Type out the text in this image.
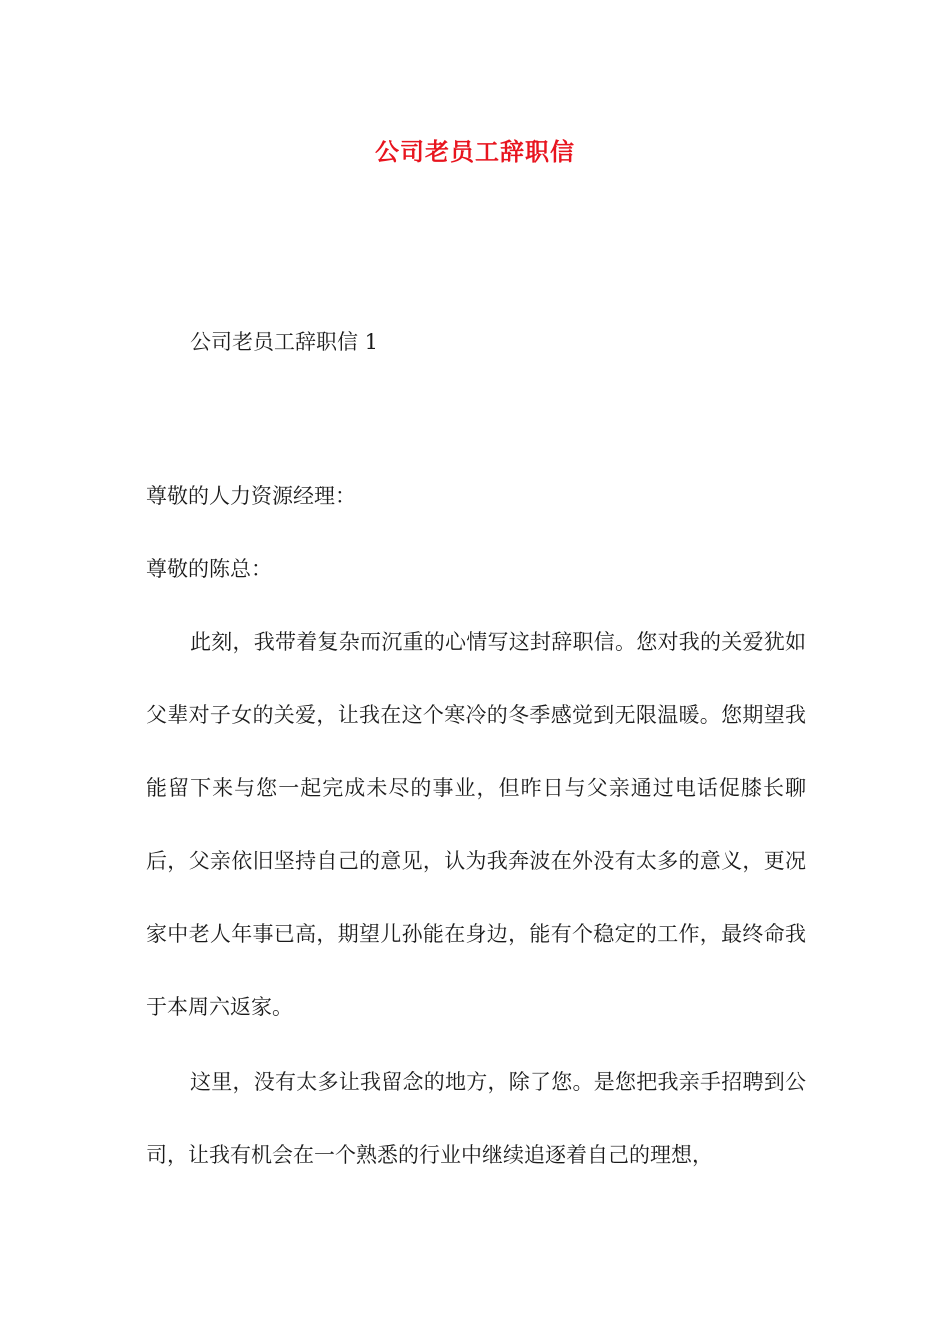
公司老员工辞职信

公司老员工辞职信 1

尊敬的人力资源经理：

尊敬的陈总：

此刻，我带着复杂而沉重的心情写这封辞职信。您对我的关爱犹如父辈对子女的关爱，让我在这个寒冷的冬季感觉到无限温暖。您期望我能留下来与您一起完成未尽的事业，但昨日与父亲通过电话促膝长聊后，父亲依旧坚持自己的意见，认为我奔波在外没有太多的意义，更况家中老人年事已高，期望儿孙能在身边，能有个稳定的工作，最终命我于本周六返家。

这里，没有太多让我留念的地方，除了您。是您把我亲手招聘到公司，让我有机会在一个熟悉的行业中继续追逐着自己的理想，
